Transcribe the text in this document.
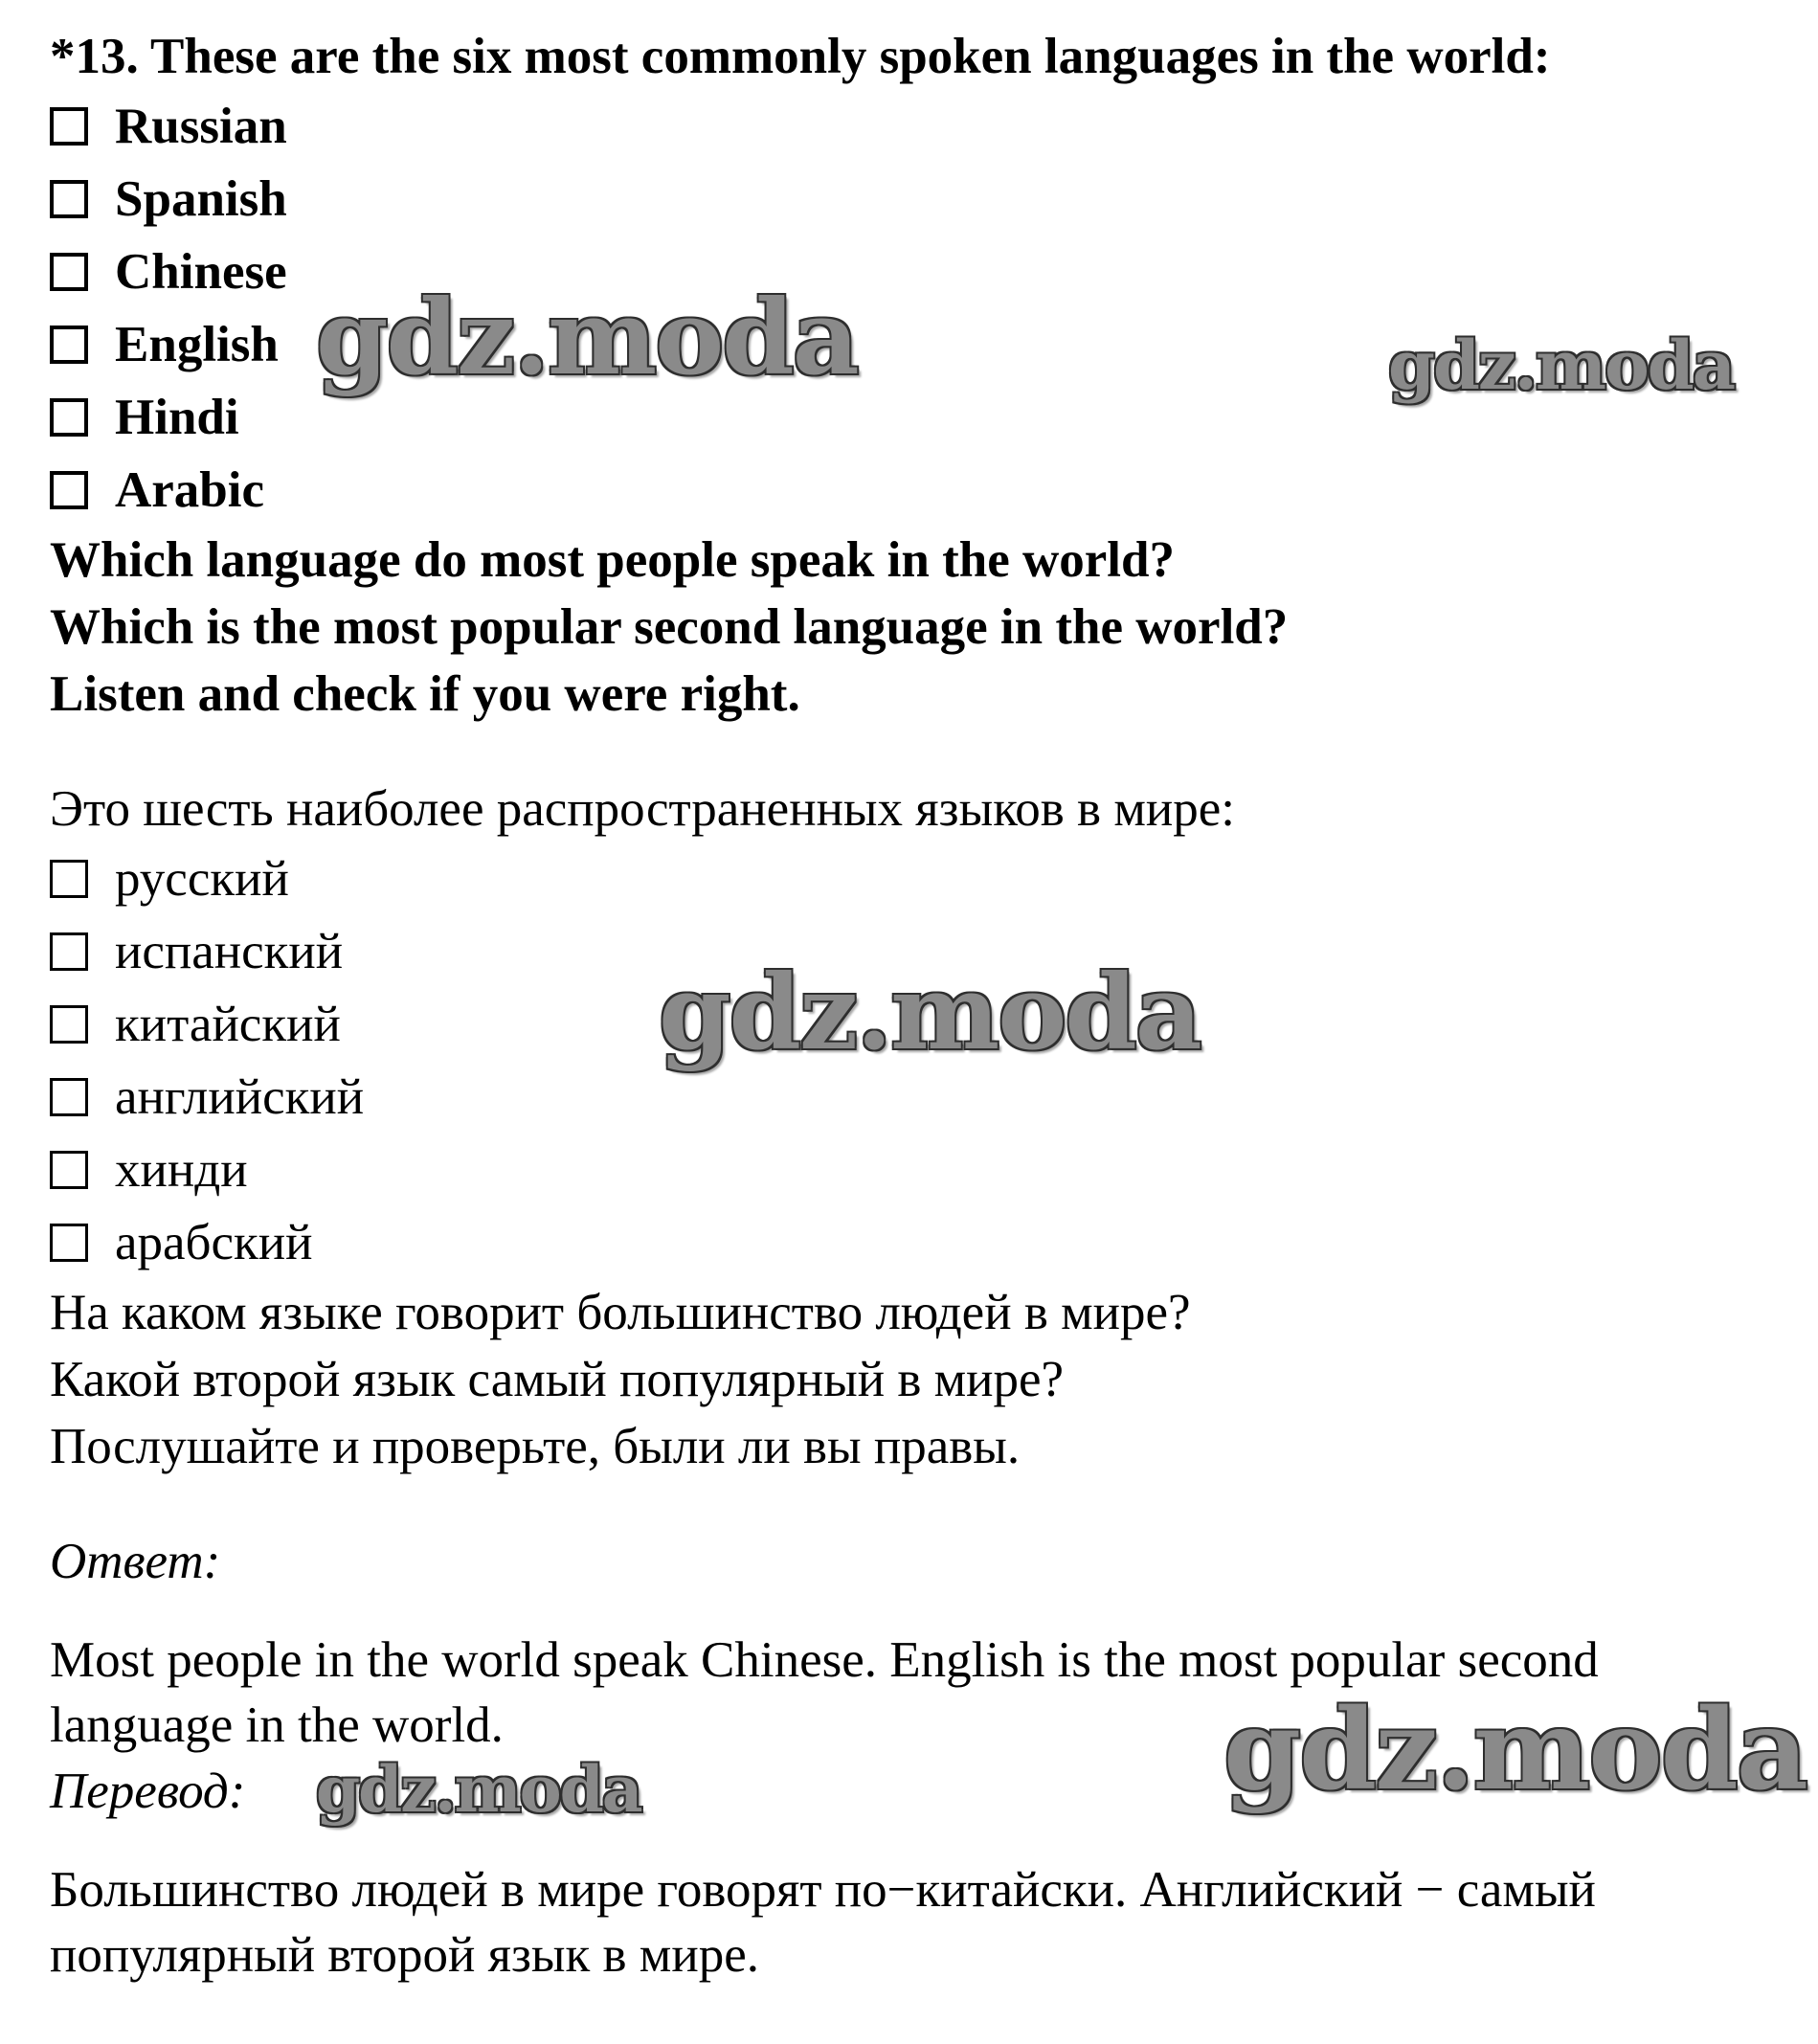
*13. These are the six most commonly spoken languages in the world:
Russian
Spanish
Chinese
English
Hindi
Arabic
Which language do most people speak in the world?
Which is the most popular second language in the world?
Listen and check if you were right.
Это шесть наиболее распространенных языков в мире:
русский
испанский
китайский
английский
хинди
арабский
На каком языке говорит большинство людей в мире?
Какой второй язык самый популярный в мире?
Послушайте и проверьте, были ли вы правы.
Ответ:
Most people in the world speak Chinese. English is the most popular second language in the world.
Перевод:
Большинство людей в мире говорят по−китайски. Английский − самый популярный второй язык в мире.
gdz.moda	gdz.moda
gdz.moda
gdz.moda
gdz.moda
